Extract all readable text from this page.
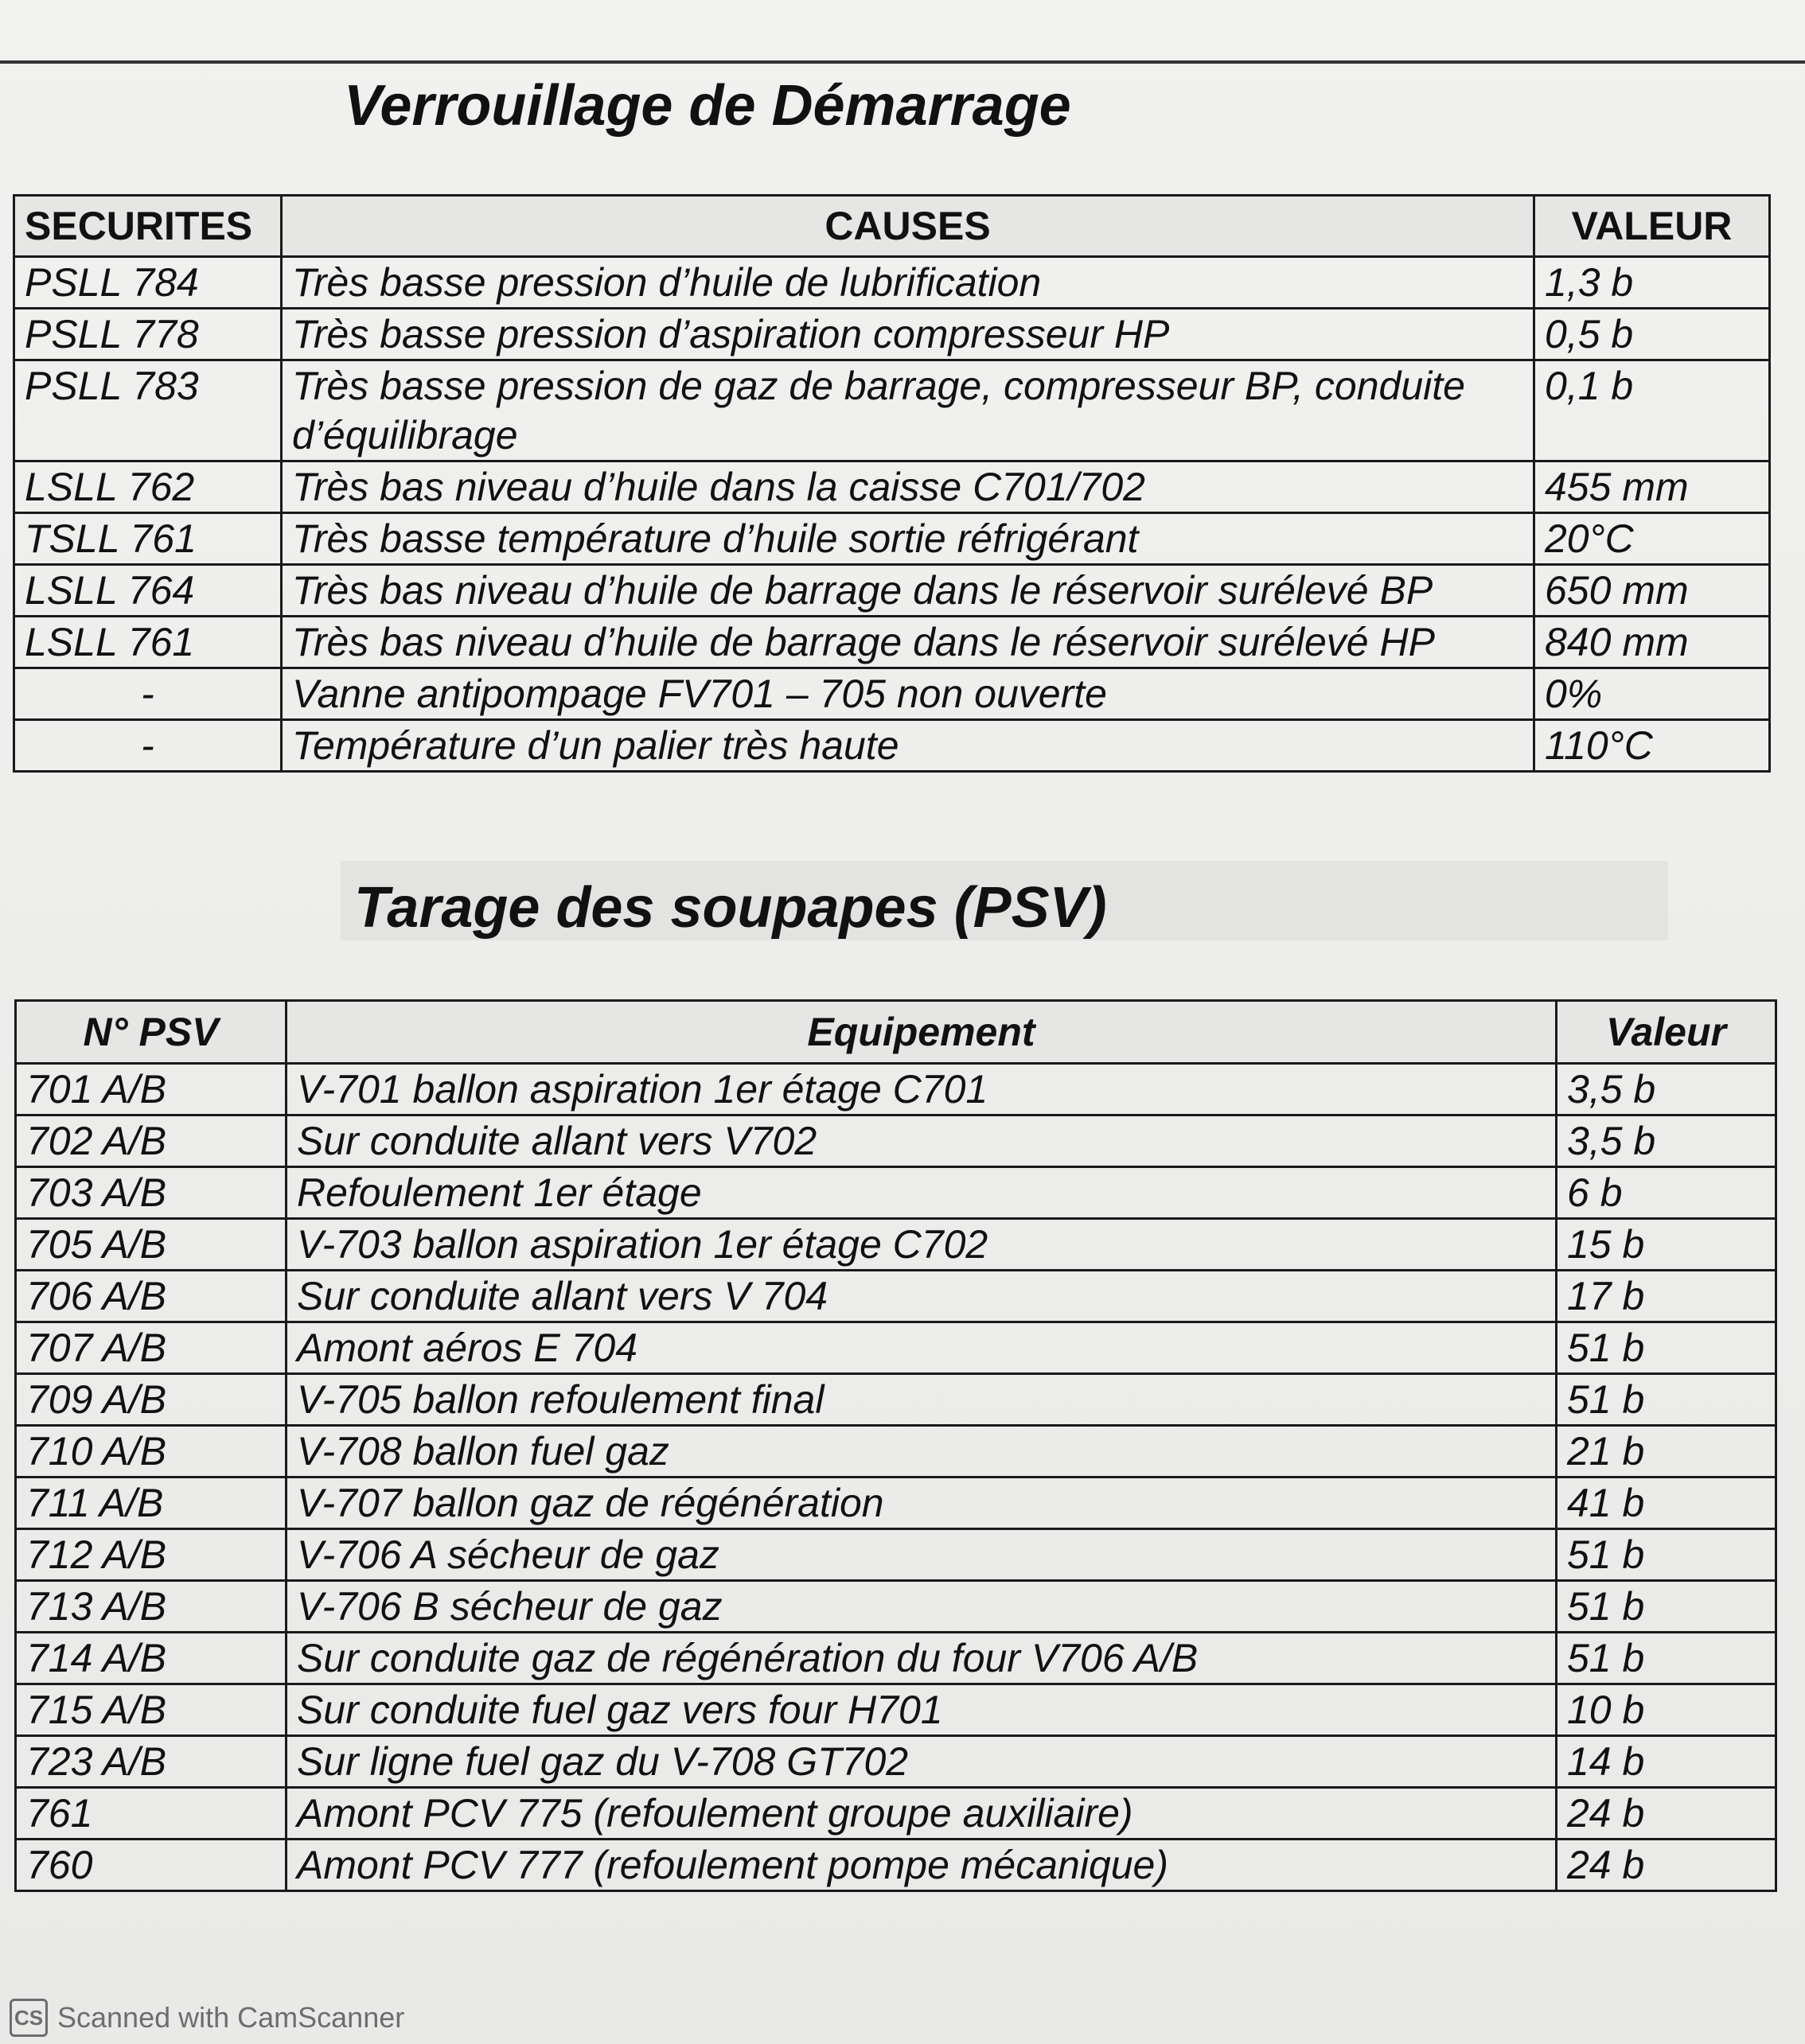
Verrouillage de Démarrage
SECURITES	CAUSES	VALEUR
PSLL 784	Très basse pression d’huile de lubrification	1,3 b
PSLL 778	Très basse pression d’aspiration compresseur HP	0,5 b
PSLL 783	Très basse pression de gaz de barrage, compresseur BP, conduite d’équilibrage	0,1 b
LSLL 762	Très bas niveau d’huile dans la caisse C701/702	455 mm
TSLL 761	Très basse température d’huile sortie réfrigérant	20°C
LSLL 764	Très bas niveau d’huile de barrage dans le réservoir surélevé BP	650 mm
LSLL 761	Très bas niveau d’huile de barrage dans le réservoir surélevé HP	840 mm
-	Vanne antipompage FV701 – 705 non ouverte	0%
-	Température d’un palier très haute	110°C
Tarage des soupapes (PSV)
N° PSV	Equipement	Valeur
701 A/B	V-701 ballon aspiration 1er étage C701	3,5 b
702 A/B	Sur conduite allant vers V702	3,5 b
703 A/B	Refoulement 1er étage	6 b
705 A/B	V-703 ballon aspiration 1er étage C702	15 b
706 A/B	Sur conduite allant vers V 704	17 b
707 A/B	Amont aéros E 704	51 b
709 A/B	V-705 ballon refoulement final	51 b
710 A/B	V-708 ballon fuel gaz	21 b
711 A/B	V-707 ballon gaz de régénération	41 b
712 A/B	V-706 A sécheur de gaz	51 b
713 A/B	V-706 B sécheur de gaz	51 b
714 A/B	Sur conduite gaz de régénération du four V706 A/B	51 b
715 A/B	Sur conduite fuel gaz vers four H701	10 b
723 A/B	Sur ligne fuel gaz du V-708 GT702	14 b
761	Amont PCV 775 (refoulement groupe auxiliaire)	24 b
760	Amont PCV 777 (refoulement pompe mécanique)	24 b
CS Scanned with CamScanner
